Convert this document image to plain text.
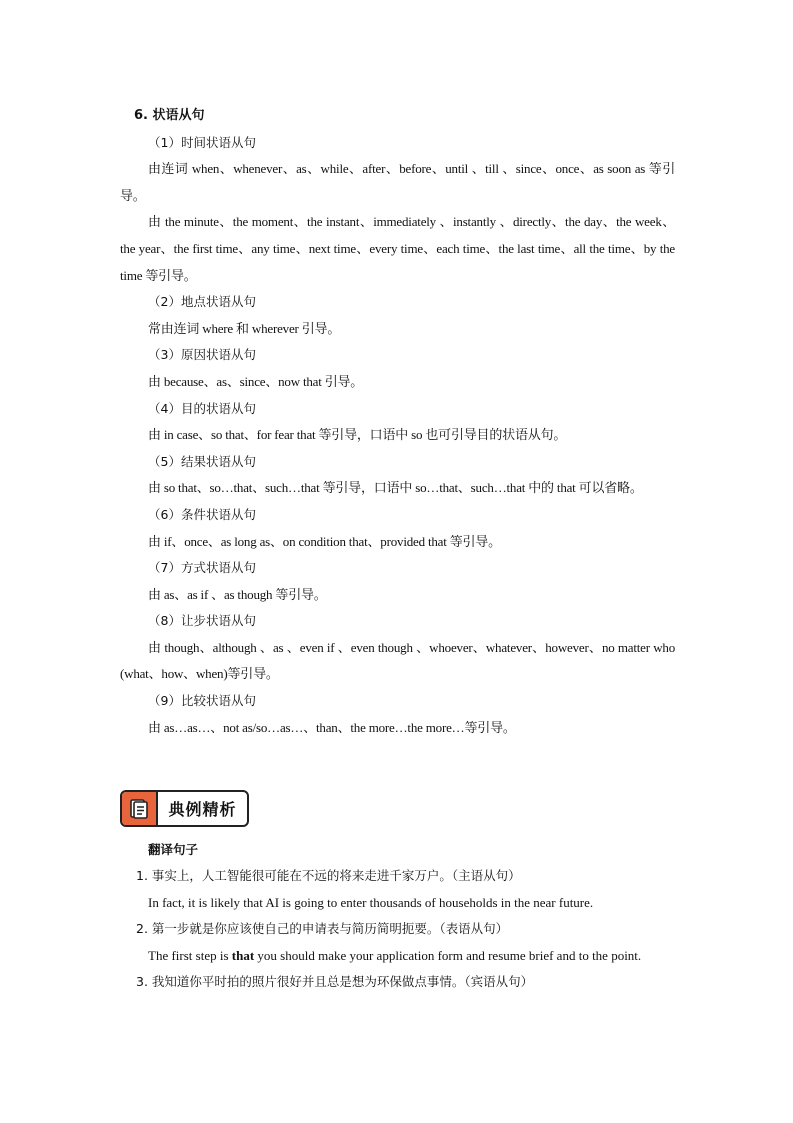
6. 状语从句
（1）时间状语从句
由连词 when、whenever、as、while、after、before、until 、till 、since、once、as soon as 等引导。
由 the minute、the moment、the instant、immediately 、instantly 、directly、the day、the week、the year、the first time、any time、next time、every time、each time、the last time、all the time、by the time 等引导。
（2）地点状语从句
常由连词 where 和 wherever 引导。
（3）原因状语从句
由 because、as、since、now that 引导。
（4）目的状语从句
由 in case、so that、for fear that 等引导，口语中 so 也可引导目的状语从句。
（5）结果状语从句
由 so that、so…that、such…that 等引导，口语中 so…that、such…that 中的 that 可以省略。
（6）条件状语从句
由 if、once、as long as、on condition that、provided that 等引导。
（7）方式状语从句
由 as、as if 、as though 等引导。
（8）让步状语从句
由 though、although 、as 、even if 、even though 、whoever、whatever、however、no matter who (what、how、when)等引导。
（9）比较状语从句
由 as…as…、not as/so…as…、than、the more…the more…等引导。
典例精析
翻译句子
1. 事实上，人工智能很可能在不远的将来走进千家万户。（主语从句）
In fact, it is likely that AI is going to enter thousands of households in the near future.
2. 第一步就是你应该使自己的申请表与简历简明扼要。（表语从句）
The first step is that you should make your application form and resume brief and to the point.
3. 我知道你平时拍的照片很好并且总是想为环保做点事情。（宾语从句）
